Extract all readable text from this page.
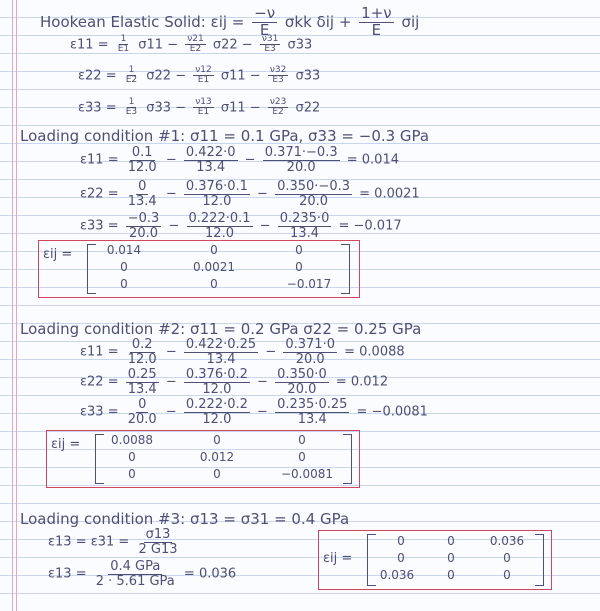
Hookean Elastic Solid: $\varepsilon ij = \frac{-\nu}{E}$ σkk $\delta ij + \frac{1+\nu}{E}$ σij
$\varepsilon 11 = \frac{1}{E1} \sigma 11 - \frac{\nu 21}{E2} \sigma 22 - \frac{\nu 31}{E3} \sigma 33$
$\varepsilon 22 = \frac{1}{E2} \sigma 22 - \frac{\nu 12}{E1} \sigma 11 - \frac{\nu 32}{E3} \sigma 33$
$\varepsilon 33 = \frac{1}{E3} \sigma 33 - \frac{\nu 13}{E1} \sigma 11 - \frac{\nu 23}{E2} \sigma 22$
Loading condition #1: σ11 = 0.1 GPa, σ33 = −0.3 GPa
$\varepsilon 11 = \frac{0.1}{12.0} - \frac{0.422\cdot 0}{13.4} - \frac{0.371\cdot-0.3}{20.0} = 0.014$
$\varepsilon 22 = \frac{0}{13.4} - \frac{0.376\cdot 0.1}{12.0} - \frac{0.350\cdot-0.3}{20.0} = 0.0021$
$\varepsilon 33 = \frac{-0.3}{20.0} - \frac{0.222\cdot 0.1}{12.0} - \frac{0.235\cdot 0}{13.4} = -0.017$
εij =	0.014	0	0
0	0.0021	0
0	0	−0.017
Loading condition #2: σ11 = 0.2 GPa σ22 = 0.25 GPa
$\varepsilon 11 = \frac{0.2}{12.0} - \frac{0.422\cdot 0.25}{13.4} - \frac{0.371\cdot 0}{20.0} = 0.0088$
$\varepsilon 22 = \frac{0.25}{13.4} - \frac{0.376\cdot 0.2}{12.0} - \frac{0.350\cdot 0}{20.0} = 0.012$
$\varepsilon 33 = \frac{0}{20.0} - \frac{0.222\cdot 0.2}{12.0} - \frac{0.235\cdot 0.25}{13.4} = -0.0081$
εij =	0.0088	0	0
0	0.012	0
0	0	−0.0081
Loading condition #3: σ13 = σ31 = 0.4 GPa
$\varepsilon 13 = \varepsilon 31 = \frac{\sigma 13}{2 G13}$
$\varepsilon 13 = \frac{\text{0.4 GPa}}{\text{2 · 5.61 GPa}} = 0.036$
εij =
0	0	0.036
0	0	0
0.036	0	0
